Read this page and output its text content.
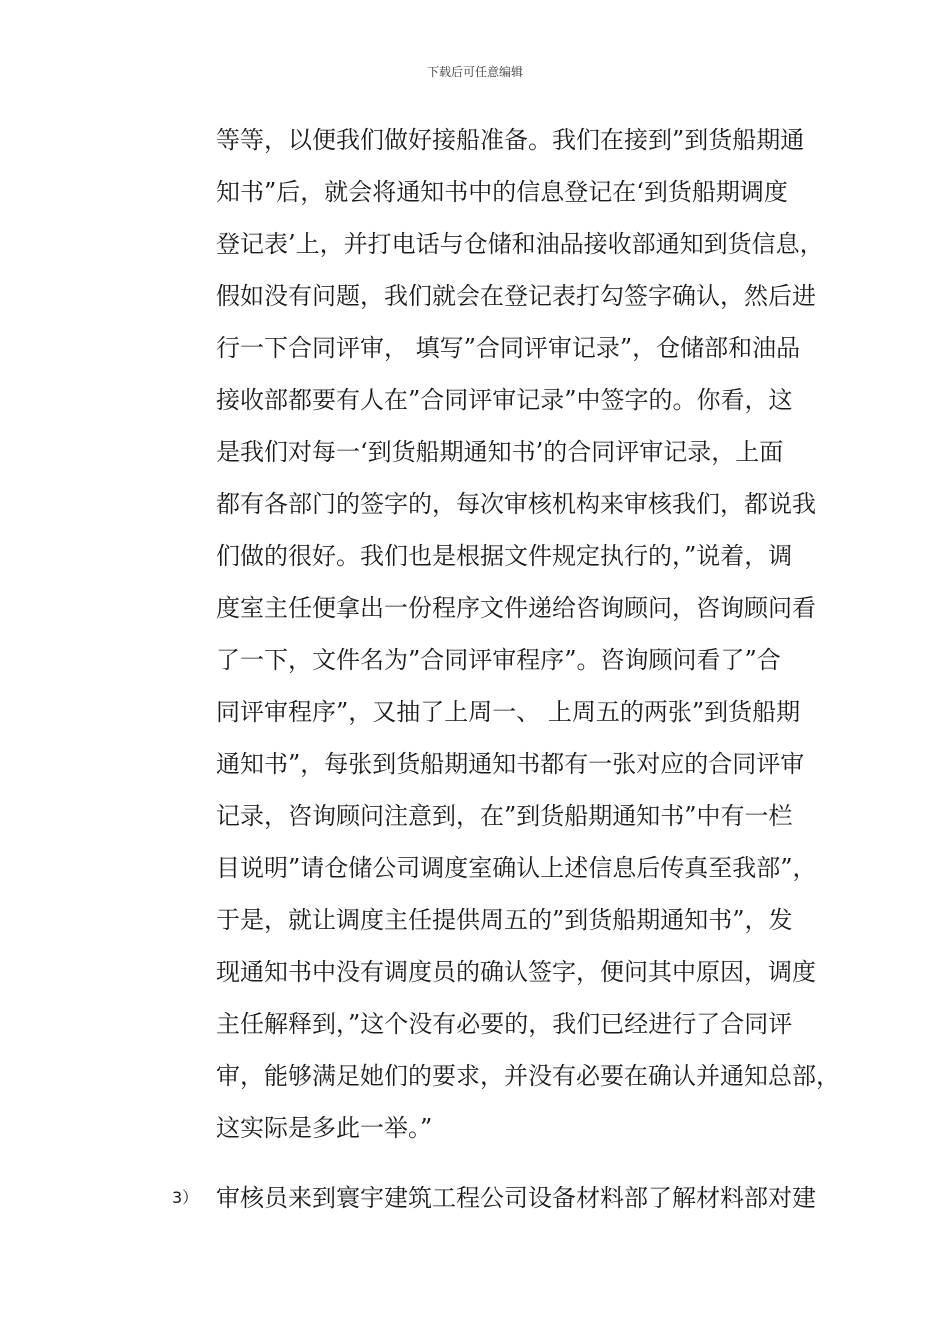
下载后可任意编辑
等等，以便我们做好接船准备。我们在接到”到货船期通
知书”后，就会将通知书中的信息登记在‘到货船期调度
登记表’上，并打电话与仓储和油品接收部通知到货信息，
假如没有问题，我们就会在登记表打勾签字确认，然后进
行一下合同评审， 填写”合同评审记录”，仓储部和油品
接收部都要有人在”合同评审记录”中签字的。你看，这
是我们对每一‘到货船期通知书’的合同评审记录，上面
都有各部门的签字的，每次审核机构来审核我们，都说我
们做的很好。我们也是根据文件规定执行的，”说着，调
度室主任便拿出一份程序文件递给咨询顾问，咨询顾问看
了一下，文件名为”合同评审程序”。咨询顾问看了”合
同评审程序”，又抽了上周一、 上周五的两张”到货船期
通知书”，每张到货船期通知书都有一张对应的合同评审
记录，咨询顾问注意到，在”到货船期通知书”中有一栏
目说明”请仓储公司调度室确认上述信息后传真至我部”，
于是，就让调度主任提供周五的”到货船期通知书”，发
现通知书中没有调度员的确认签字，便问其中原因，调度
主任解释到，”这个没有必要的，我们已经进行了合同评
审，能够满足她们的要求，并没有必要在确认并通知总部，
这实际是多此一举。”
3） 审核员来到寰宇建筑工程公司设备材料部了解材料部对建
